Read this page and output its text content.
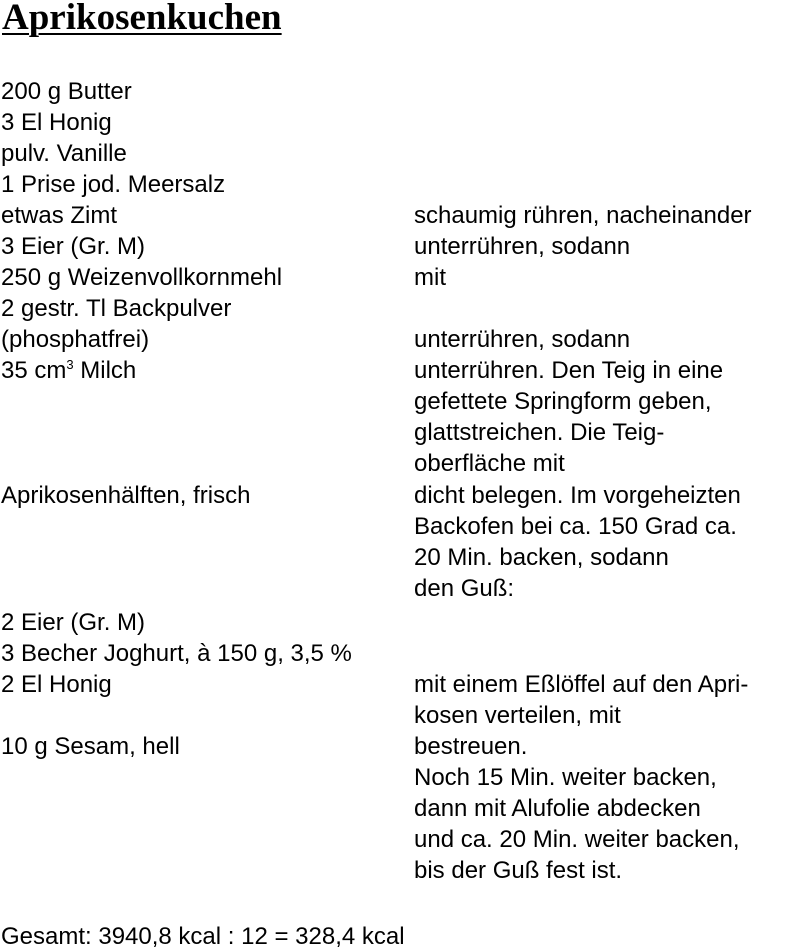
Aprikosenkuchen
200 g Butter
3 El Honig
pulv. Vanille
1 Prise jod. Meersalz
etwas Zimt
3 Eier (Gr. M)
250 g Weizenvollkornmehl
2 gestr. Tl Backpulver
(phosphatfrei)
35 $cm^3$ Milch
Aprikosenhälften, frisch
2 Eier (Gr. M)
3 Becher Joghurt, à 150 g, 3,5 %
2 El Honig
10 g Sesam, hell
schaumig rühren, nacheinander
unterrühren, sodann
mit
unterrühren, sodann
unterrühren. Den Teig in eine
gefettete Springform geben,
glattstreichen. Die Teig-
oberfläche mit
dicht belegen. Im vorgeheizten
Backofen bei ca. 150 Grad ca.
20 Min. backen, sodann
den Guß:
mit einem Eßlöffel auf den Apri-
kosen verteilen, mit
bestreuen.
Noch 15 Min. weiter backen,
dann mit Alufolie abdecken
und ca. 20 Min. weiter backen,
bis der Guß fest ist.
Gesamt: 3940,8 kcal : 12 = 328,4 kcal
